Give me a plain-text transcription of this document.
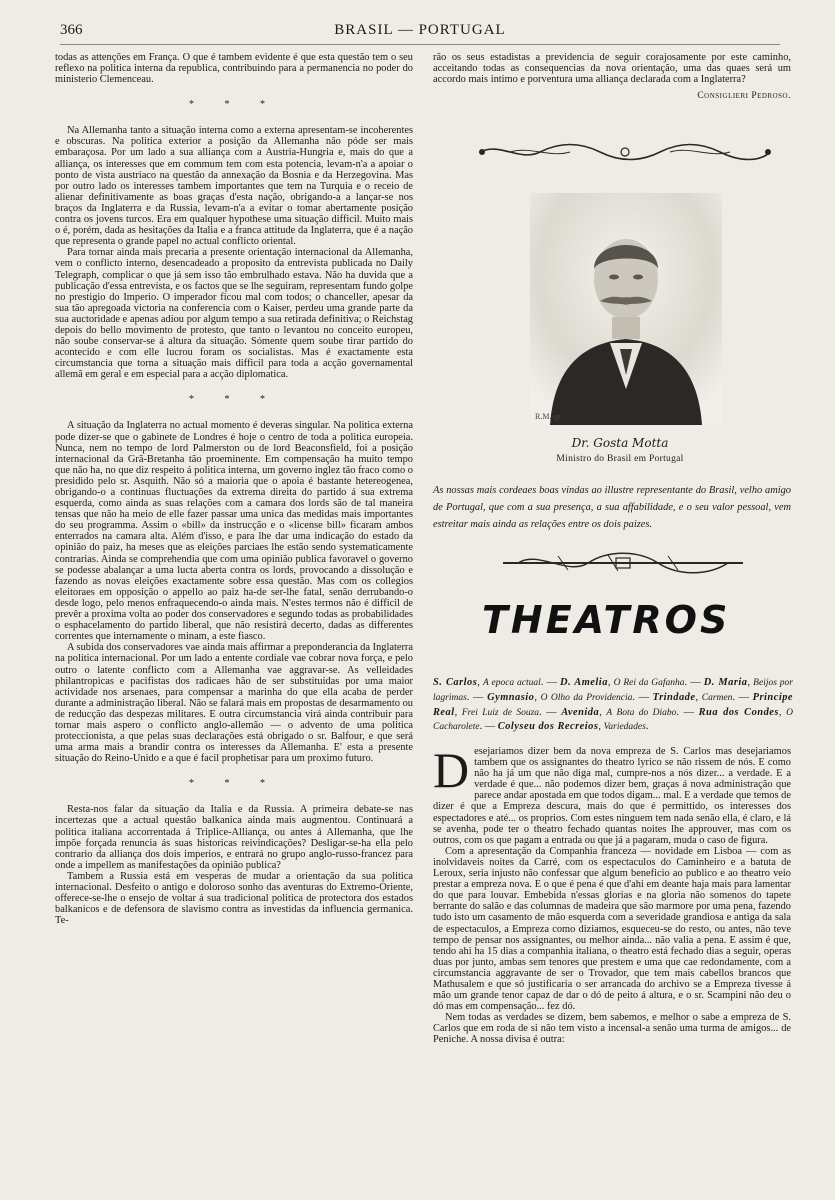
366	BRASIL — PORTUGAL

todas as attenções em França. O que é tambem evidente é que esta questão tem o seu reflexo na politica interna da republica, contribuindo para a permanencia no poder do ministerio Clemenceau.

* * *

Na Allemanha tanto a situação interna como a externa apresentam-se incoherentes e obscuras. Na politica exterior a posição da Allemanha não póde ser mais embaraçosa. Por um lado a sua alliança com a Austria-Hungria e, mais do que a alliança, os interesses que em commum tem com esta potencia, levam-n'a a apoiar o ponto de vista austriaco na questão da annexação da Bosnia e da Herzegovina. Mas por outro lado os interesses tambem importantes que tem na Turquia e o receio de alienar definitivamente as boas graças d'esta nação, obrigando-a a lançar-se nos braços da Inglaterra e da Russia, levam-n'a a evitar o tomar abertamente posição contra os jovens turcos. Era em qualquer hypothese uma situação difficil. Muito mais o é, porém, dada as hesitações da Italia e a franca attitude da Inglaterra, que é a nação que representa o grande papel no actual conflicto oriental.

Para tornar ainda mais precaria a presente orientação internacional da Allemanha, vem o conflicto interno, desencadeado a proposito da entrevista publicada no Daily Telegraph, complicar o que já sem isso tão embrulhado estava. Não ha duvida que a publicação d'essa entrevista, e os factos que se lhe seguiram, representam fundo golpe no prestigio do Imperio. O imperador ficou mal com todos; o chanceller, apesar da sua tão apregoada victoria na conferencia com o Kaiser, perdeu uma grande parte da sua auctoridade e apenas adiou por algum tempo a sua retirada definitiva; o Reichstag depois do bello movimento de protesto, que tanto o levantou no conceito europeu, não soube conservar-se á altura da situação. Sómente quem soube tirar partido do acontecido e com elle lucrou foram os socialistas. Mas é exactamente esta circumstancia que torna a situação mais difficil para toda a acção governamental allemã em geral e em especial para a acção diplomatica.

* * *

A situação da Inglaterra no actual momento é deveras singular. Na politica externa pode dizer-se que o gabinete de Londres é hoje o centro de toda a politica europeia. Nunca, nem no tempo de lord Palmerston ou de lord Beaconsfield, foi a posição internacional da Grã-Bretanha tão proeminente. Em compensação ha muito tempo que não ha, no que diz respeito á politica interna, um governo inglez tão fraco como o presidido pelo sr. Asquith. Não só a maioria que o apoia é bastante hetereogenea, obrigando-o a continuas fluctuações da extrema direita do partido á sua extrema esquerda, como ainda as suas relações com a camara dos lords são de tal maneira tensas que não ha meio de elle fazer passar uma unica das medidas mais importantes do seu programma. Assim o «bill» da instrucção e o «license bill» ficaram ambos enterrados na camara alta. Além d'isso, e para lhe dar uma indicação do estado da opinião do paiz, ha meses que as eleições parciaes lhe estão sendo systematicamente contrarias. Ainda se comprehendia que com uma opinião publica favoravel o governo se podesse abalançar a uma lucta aberta contra os lords, provocando a dissolução e fazendo as novas eleições exactamente sobre essa questão. Mas com os collegios eleitoraes em opposição o appello ao paiz ha-de ser-lhe fatal, senão derrubando-o desde logo, pelo menos enfraquecendo-o ainda mais. N'estes termos não é difficil de prevêr a proxima volta ao poder dos conservadores e segundo todas as probabilidades o esphacelamento do partido liberal, que não resistirá decerto, dadas as differentes correntes que internamente o minam, a este fiasco.

A subida dos conservadores vae ainda mais affirmar a preponderancia da Inglaterra na politica internacional. Por um lado a entente cordiale vae cobrar nova força, e pelo outro o latente conflicto com a Allemanha vae aggravar-se. As velleidades philantropicas e pacifistas dos radicaes hão de ser substituidas por uma maior actividade nos arsenaes, para compensar a marinha do que ella acaba de perder durante a administração liberal. Não se falará mais em propostas de desarmamento ou de reducção das despezas militares. E outra circumstancia virá ainda contribuir para tornar mais aspero o conflicto anglo-allemão — o advento de uma politica proteccionista, a que pelas suas declarações está obrigado o sr. Balfour, e que será uma arma mais a brandir contra os interesses da Allemanha. E' esta a presente situação do Reino-Unido e a que é facil prophetisar para um proximo futuro.

* * *

Resta-nos falar da situação da Italia e da Russia. A primeira debate-se nas incertezas que a actual questão balkanica ainda mais augmentou. Continuará a politica italiana accorrentada á Triplice-Alliança, ou antes á Allemanha, que lhe impõe forçada renuncia ás suas historicas reivindicações? Desligar-se-ha ella pelo contrario da alliança dos dois imperios, e entrará no grupo anglo-russo-francez para onde a impellem as manifestações da opinião publica?

Tambem a Russia está em vesperas de mudar a orientação da sua politica internacional. Desfeito o antigo e doloroso sonho das aventuras do Extremo-Oriente, offerece-se-lhe o ensejo de voltar á sua tradicional politica de protectora dos estados balkanicos e de defensora de slavismo contra as investidas da influencia germanica. Te-

rão os seus estadistas a previdencia de seguir corajosamente por este caminho, acceitando todas as consequencias da nova orientação, uma das quaes será um accordo mais intimo e porventura uma alliança declarada com a Inglaterra?

Consiglieri Pedroso.
R.M.-gr.
Dr. Gosta Motta
Ministro do Brasil em Portugal
As nossas mais cordeaes boas vindas ao illustre representante do Brasil, velho amigo de Portugal, que com a sua presença, a sua affabilidade, e o seu valor pessoal, vem estreitar mais ainda as relações entre os dois paizes.
THEATROS
S. Carlos, A epoca actual. — D. Amelia, O Rei da Gafanha. — D. Maria, Beijos por lagrimas. — Gymnasio, O Olho da Providencia. — Trindade, Carmen. — Principe Real, Frei Luiz de Souza. — Avenida, A Bota do Diabo. — Rua dos Condes, O Cacharolete. — Colyseu dos Recreios, Variedades.

Desejariamos dizer bem da nova empreza de S. Carlos mas desejariamos tambem que os assignantes do theatro lyrico se não rissem de nós. E como não ha já um que não diga mal, cumpre-nos a nós dizer... a verdade. E a verdade é que... não podemos dizer bem, graças á nova administração que parece andar apostada em que todos digam... mal. E a verdade que temos de dizer é que a Empreza descura, mais do que é permittido, os interesses dos espectadores e até... os proprios. Com estes ninguem tem nada senão ella, é claro, e lá se avenha, pode ter o theatro fechado quantas noites lhe approuver, mas com os outros, com os que pagam a entrada ou que já a pagaram, muda o caso de figura.

Com a apresentação da Companhia franceza — novidade em Lisboa — com as inolvidaveis noites da Carré, com os espectaculos do Caminheiro e a batuta de Leroux, seria injusto não confessar que algum beneficio ao publico e ao theatro veio prestar a empreza nova. E o que é pena é que d'ahi em deante haja mais para lamentar do que para louvar. Embebida n'essas glorias e na gloria não somenos do tapete berrante do salão e das columnas de madeira que são marmore por uma pena, fazendo tudo isto um casamento de mão esquerda com a severidade grandiosa e antiga da sala de espectaculos, a Empreza como diziamos, esqueceu-se do resto, ou antes, não teve tempo de pensar nos assignantes, ou melhor ainda... não valia a pena. E assim é que, tendo ahi ha 15 dias a companhia italiana, o theatro está fechado dias a seguir, operas duas por junto, ambas sem tenores que prestem e uma que cae redondamente, com a circumstancia aggravante de ser o Trovador, que tem mais cabellos brancos que Mathusalem e que só justificaria o ser arrancada do archivo se a Empreza tivesse á mão um grande tenor capaz de dar o dó de peito á altura, e o sr. Scampini não deu o dó mas em compensação... fez dó.

Nem todas as verdades se dizem, bem sabemos, e melhor o sabe a empreza de S. Carlos que em roda de si não tem visto a incensal-a senão uma turma de amigos... de Peniche. A nossa divisa é outra:
